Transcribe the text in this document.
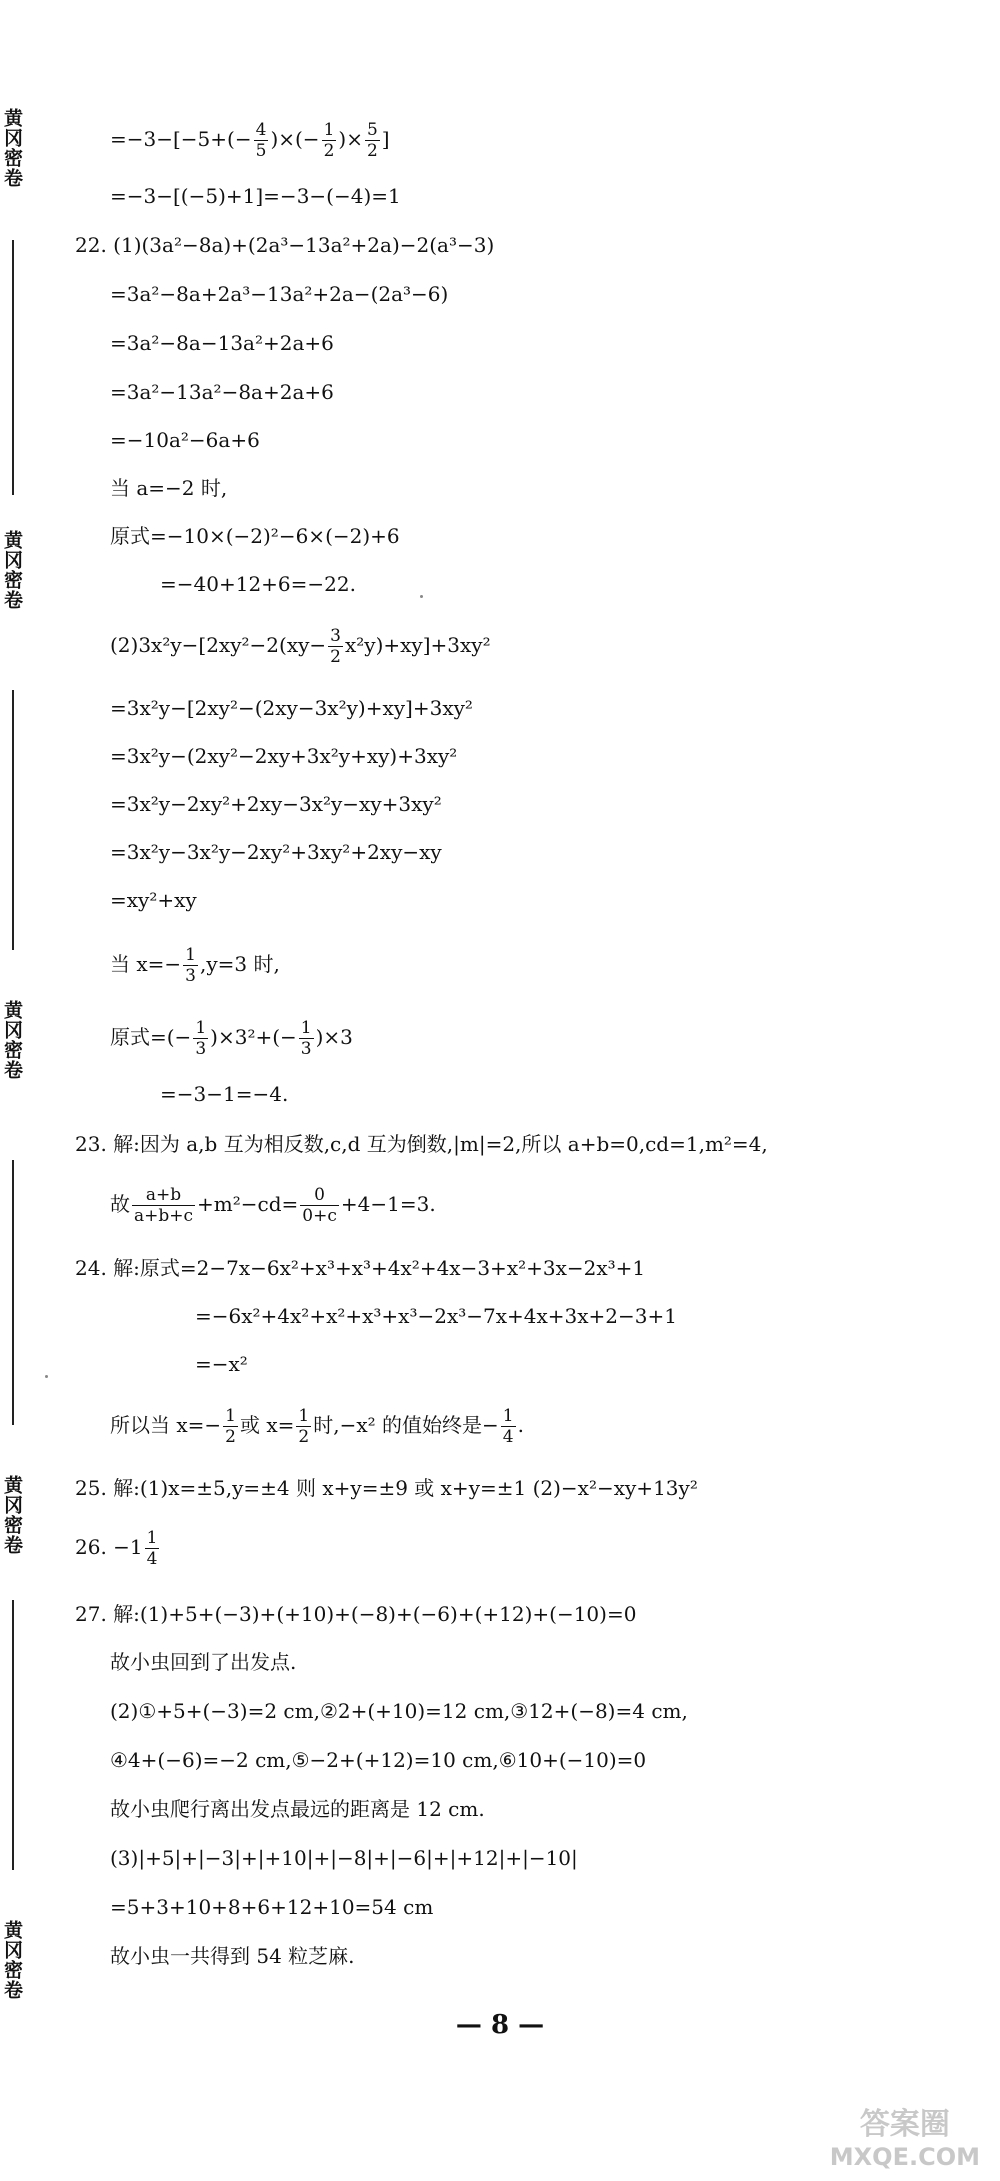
黄冈密卷
黄冈密卷
黄冈密卷
黄冈密卷
黄冈密卷
$=-3-[-5+(- \frac{4}{5}$ )×(− $\frac{1}{2}$ )× $\frac{5}{2}$ ]
=−3−[(−5)+1]=−3−(−4)=1
22. (1)(3a²−8a)+(2a³−13a²+2a)−2(a³−3)
=3a²−8a+2a³−13a²+2a−(2a³−6)
=3a²−8a−13a²+2a+6
=3a²−13a²−8a+2a+6
=−10a²−6a+6
当 a=−2 时,
原式=−10×(−2)²−6×(−2)+6
=−40+12+6=−22.
$(2)3x^2y-[2xy^2-2(xy- \frac{3}{2} x^2y)+xy]+3xy^2$
=3x²y−[2xy²−(2xy−3x²y)+xy]+3xy²
=3x²y−(2xy²−2xy+3x²y+xy)+3xy²
=3x²y−2xy²+2xy−3x²y−xy+3xy²
=3x²y−3x²y−2xy²+3xy²+2xy−xy
=xy²+xy
当 $x=- \frac{1}{3} ,y=3$ 时,
原式=(− $\frac{1}{3} )\times 3^2+(- \frac{1}{3} )\times 3$
=−3−1=−4.
23. 解:因为 a,b 互为相反数,c,d 互为倒数,|m|=2,所以 a+b=0,cd=1,m²=4,
故 $\frac{a+b}{a+b+c} +m^2-cd= \frac{0}{0+c} +4-1=3$.
24. 解:原式=2−7x−6x²+x³+x³+4x²+4x−3+x²+3x−2x³+1
=−6x²+4x²+x²+x³+x³−2x³−7x+4x+3x+2−3+1
=−x²
所以当 $x=- \frac{1}{2}$ 或 $x= \frac{1}{2}$ 时,−x² 的值始终是− $\frac{1}{4}$ .
25. 解:(1)x=±5,y=±4 则 x+y=±9 或 x+y=±1 (2)−x²−xy+13y²
26. $-1 \frac{1}{4}$
27. 解:(1)+5+(−3)+(+10)+(−8)+(−6)+(+12)+(−10)=0
故小虫回到了出发点.
(2)①+5+(−3)=2 cm,②2+(+10)=12 cm,③12+(−8)=4 cm,
④4+(−6)=−2 cm,⑤−2+(+12)=10 cm,⑥10+(−10)=0
故小虫爬行离出发点最远的距离是 12 cm.
(3)|+5|+|−3|+|+10|+|−8|+|−6|+|+12|+|−10|
=5+3+10+8+6+12+10=54 cm
故小虫一共得到 54 粒芝麻.
— 8 —
答案圈
MXQE.COM
